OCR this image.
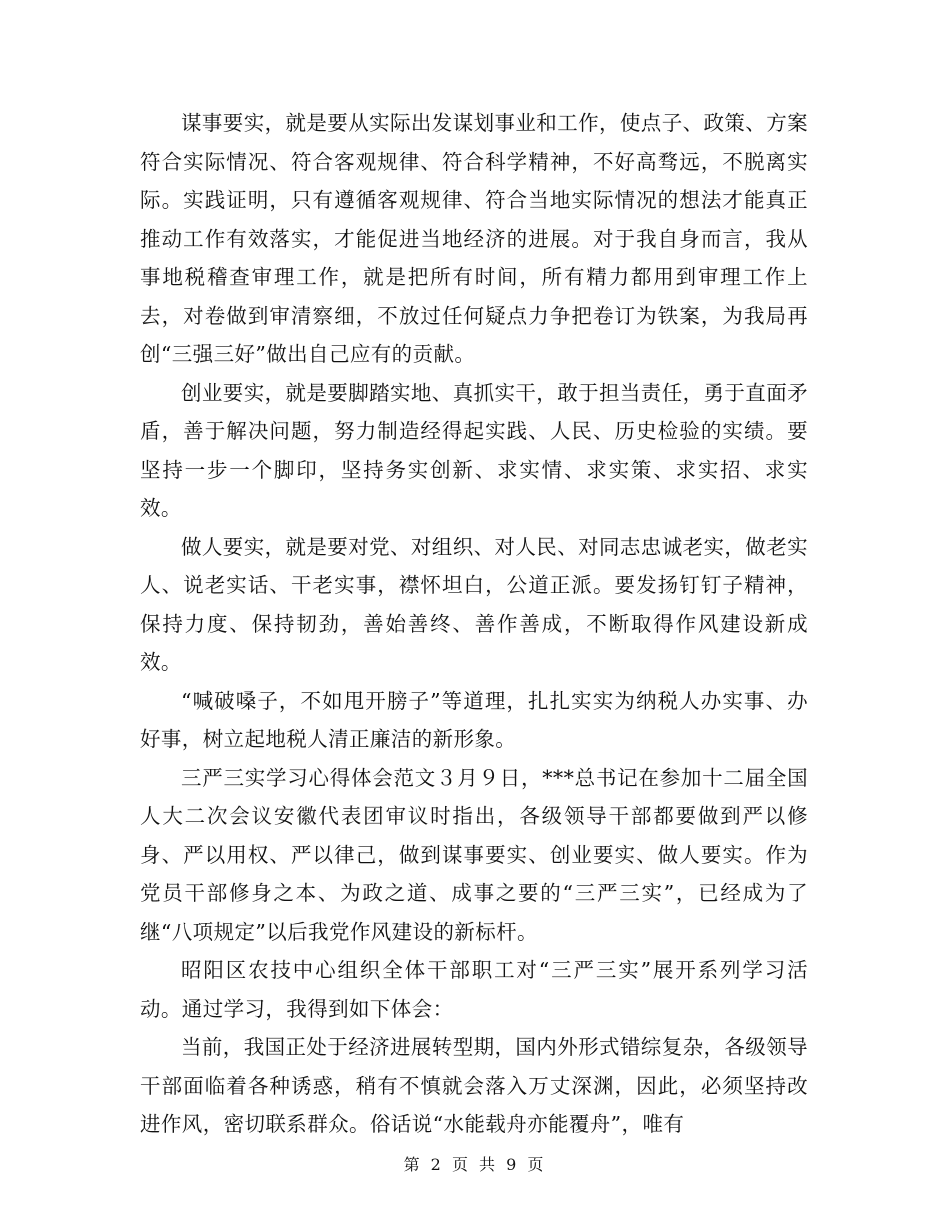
谋事要实，就是要从实际出发谋划事业和工作，使点子、政策、方案符合实际情况、符合客观规律、符合科学精神，不好高骛远，不脱离实际。实践证明，只有遵循客观规律、符合当地实际情况的想法才能真正推动工作有效落实，才能促进当地经济的进展。对于我自身而言，我从事地税稽查审理工作，就是把所有时间，所有精力都用到审理工作上去，对卷做到审清察细，不放过任何疑点力争把卷订为铁案，为我局再创“三强三好”做出自己应有的贡献。

创业要实，就是要脚踏实地、真抓实干，敢于担当责任，勇于直面矛盾，善于解决问题，努力制造经得起实践、人民、历史检验的实绩。要坚持一步一个脚印，坚持务实创新、求实情、求实策、求实招、求实效。

做人要实，就是要对党、对组织、对人民、对同志忠诚老实，做老实人、说老实话、干老实事，襟怀坦白，公道正派。要发扬钉钉子精神，保持力度、保持韧劲，善始善终、善作善成，不断取得作风建设新成效。

“喊破嗓子，不如甩开膀子”等道理，扎扎实实为纳税人办实事、办好事，树立起地税人清正廉洁的新形象。

三严三实学习心得体会范文３月９日，***总书记在参加十二届全国人大二次会议安徽代表团审议时指出，各级领导干部都要做到严以修身、严以用权、严以律己，做到谋事要实、创业要实、做人要实。作为党员干部修身之本、为政之道、成事之要的“三严三实”，已经成为了继“八项规定”以后我党作风建设的新标杆。

昭阳区农技中心组织全体干部职工对“三严三实”展开系列学习活动。通过学习，我得到如下体会：

当前，我国正处于经济进展转型期，国内外形式错综复杂，各级领导干部面临着各种诱惑，稍有不慎就会落入万丈深渊，因此，必须坚持改进作风，密切联系群众。俗话说“水能载舟亦能覆舟”，唯有

第 2 页 共 9 页
